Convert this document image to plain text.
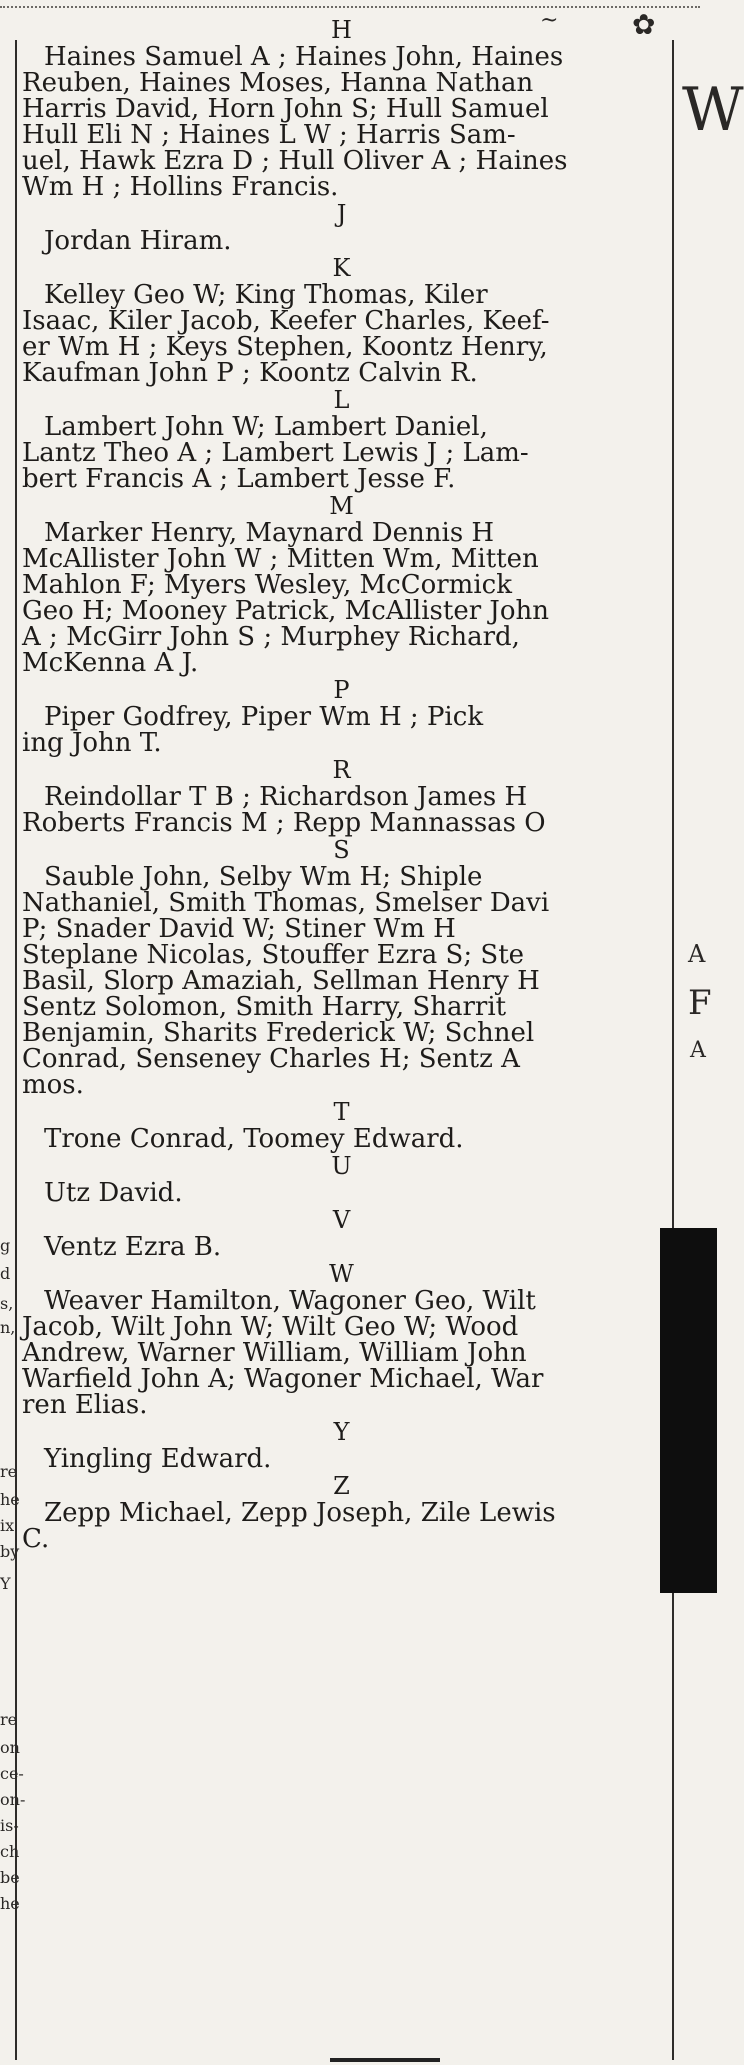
✿
~
g
d
s,
n,
re
he
ix
by
Y
re
on
ce-
on-
is-
ch
be
he
W
A
F
A
H
Haines Samuel A ; Haines John, Haines
Reuben, Haines Moses, Hanna Nathan
Harris David, Horn John S; Hull Samuel
Hull Eli N ; Haines L W ; Harris Sam-
uel, Hawk Ezra D ; Hull Oliver A ; Haines
Wm H ; Hollins Francis.
J
Jordan Hiram.
K
Kelley Geo W; King Thomas, Kiler
Isaac, Kiler Jacob, Keefer Charles, Keef-
er Wm H ; Keys Stephen, Koontz Henry,
Kaufman John P ; Koontz Calvin R.
L
Lambert John W; Lambert Daniel,
Lantz Theo A ; Lambert Lewis J ; Lam-
bert Francis A ; Lambert Jesse F.
M
Marker Henry, Maynard Dennis H
McAllister John W ; Mitten Wm, Mitten
Mahlon F; Myers Wesley, McCormick
Geo H; Mooney Patrick, McAllister John
A ; McGirr John S ; Murphey Richard,
McKenna A J.
P
Piper Godfrey, Piper Wm H ; Pick
ing John T.
R
Reindollar T B ; Richardson James H
Roberts Francis M ; Repp Mannassas O
S
Sauble John, Selby Wm H; Shiple
Nathaniel, Smith Thomas, Smelser Davi
P; Snader David W; Stiner Wm H
Steplane Nicolas, Stouffer Ezra S; Ste
Basil, Slorp Amaziah, Sellman Henry H
Sentz Solomon, Smith Harry, Sharrit
Benjamin, Sharits Frederick W; Schnel
Conrad, Senseney Charles H; Sentz A
mos.
T
Trone Conrad, Toomey Edward.
U
Utz David.
V
Ventz Ezra B.
W
Weaver Hamilton, Wagoner Geo, Wilt
Jacob, Wilt John W; Wilt Geo W; Wood
Andrew, Warner William, William John
Warfield John A; Wagoner Michael, War
ren Elias.
Y
Yingling Edward.
Z
Zepp Michael, Zepp Joseph, Zile Lewis
C.
